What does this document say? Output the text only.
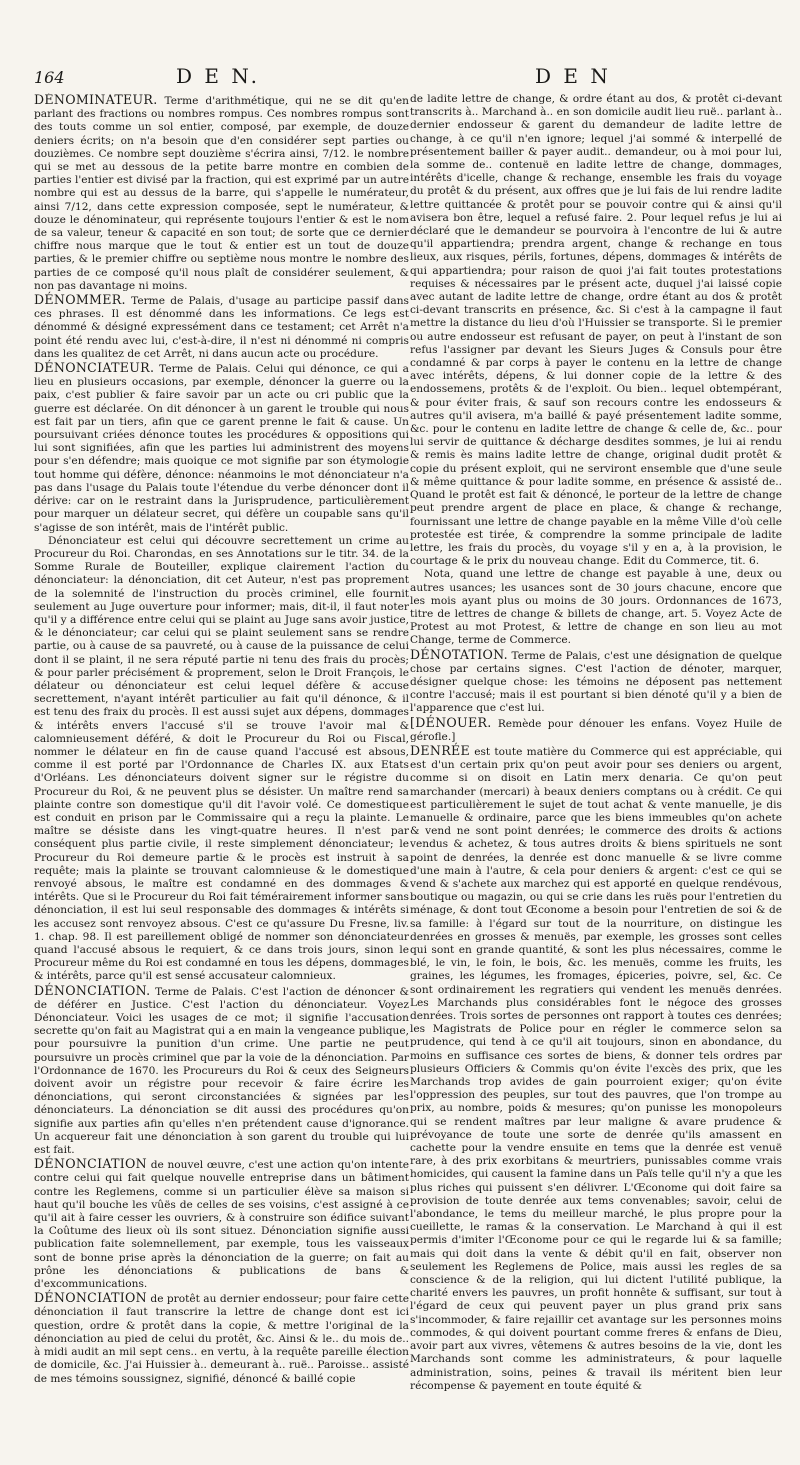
164	D E N.	D E N

DÉNOMINATEUR. Terme d'arithmétique, qui ne se dit qu'en parlant des fractions ou nombres rompus. Ces nombres rompus sont des touts comme un sol entier, composé, par exemple, de douze deniers écrits; on n'a besoin que d'en considérer sept parties ou douzièmes. Ce nombre sept douzième s'écrira ainsi, 7/12. le nombre qui se met au dessous de la petite barre montre en combien de parties l'entier est divisé par la fraction, qui est exprimé par un autre nombre qui est au dessus de la barre, qui s'appelle le numérateur, ainsi 7/12, dans cette expression composée, sept le numérateur, & douze le dénominateur, qui représente toujours l'entier & est le nom de sa valeur, teneur & capacité en son tout; de sorte que ce dernier chiffre nous marque que le tout & entier est un tout de douze parties, & le premier chiffre ou septième nous montre le nombre des parties de ce composé qu'il nous plaît de considérer seulement, & non pas davantage ni moins.

DÉNOMMER. Terme de Palais, d'usage au participe passif dans ces phrases. Il est dénommé dans les informations. Ce legs est dénommé & désigné expressément dans ce testament; cet Arrêt n'a point été rendu avec lui, c'est-à-dire, il n'est ni dénommé ni compris dans les qualitez de cet Arrêt, ni dans aucun acte ou procédure.

DÉNONCIATEUR. Terme de Palais. Celui qui dénonce, ce qui a lieu en plusieurs occasions, par exemple, dénoncer la guerre ou la paix, c'est publier & faire savoir par un acte ou cri public que la guerre est déclarée. On dit dénoncer à un garent le trouble qui nous est fait par un tiers, afin que ce garent prenne le fait & cause. Un poursuivant criées dénonce toutes les procédures & oppositions qui lui sont signifiées, afin que les parties lui administrent des moyens pour s'en défendre; mais quoique ce mot signifie par son étymologie tout homme qui défère, dénonce: néanmoins le mot dénonciateur n'a pas dans l'usage du Palais toute l'étendue du verbe dénoncer dont il dérive: car on le restraint dans la Jurisprudence, particulièrement pour marquer un délateur secret, qui défère un coupable sans qu'il s'agisse de son intérêt, mais de l'intérêt public.

Dénonciateur est celui qui découvre secrettement un crime au Procureur du Roi. Charondas, en ses Annotations sur le titr. 34. de la Somme Rurale de Bouteiller, explique clairement l'action du dénonciateur: la dénonciation, dit cet Auteur, n'est pas proprement de la solemnité de l'instruction du procès criminel, elle fournit seulement au Juge ouverture pour informer; mais, dit-il, il faut noter qu'il y a différence entre celui qui se plaint au Juge sans avoir justice, & le dénonciateur; car celui qui se plaint seulement sans se rendre partie, ou à cause de sa pauvreté, ou à cause de la puissance de celui dont il se plaint, il ne sera réputé partie ni tenu des frais du procès; & pour parler précisément & proprement, selon le Droit François, le délateur ou dénonciateur est celui lequel défère & accuse secrettement, n'ayant intérêt particulier au fait qu'il dénonce, & il est tenu des fraix du procès. Il est aussi sujet aux dépens, dommages & intérêts envers l'accusé s'il se trouve l'avoir mal & calomnieusement déféré, & doit le Procureur du Roi ou Fiscal, nommer le délateur en fin de cause quand l'accusé est absous, comme il est porté par l'Ordonnance de Charles IX. aux Etats d'Orléans. Les dénonciateurs doivent signer sur le régistre du Procureur du Roi, & ne peuvent plus se désister. Un maître rend sa plainte contre son domestique qu'il dit l'avoir volé. Ce domestique est conduit en prison par le Commissaire qui a reçu la plainte. Le maître se désiste dans les vingt-quatre heures. Il n'est par conséquent plus partie civile, il reste simplement dénonciateur; le Procureur du Roi demeure partie & le procès est instruit à sa requête; mais la plainte se trouvant calomnieuse & le domestique renvoyé absous, le maître est condamné en des dommages & intérêts. Que si le Procureur du Roi fait témérairement informer sans dénonciation, il est lui seul responsable des dommages & intérêts si les accusez sont renvoyez absous. C'est ce qu'assure Du Fresne, liv. 1. chap. 98. Il est pareillement obligé de nommer son dénonciateur quand l'accusé absous le requiert, & ce dans trois jours, sinon le Procureur même du Roi est condamné en tous les dépens, dommages & intérêts, parce qu'il est sensé accusateur calomnieux.

DÉNONCIATION. Terme de Palais. C'est l'action de dénoncer & de déférer en Justice. C'est l'action du dénonciateur. Voyez Dénonciateur. Voici les usages de ce mot; il signifie l'accusation secrette qu'on fait au Magistrat qui a en main la vengeance publique, pour poursuivre la punition d'un crime. Une partie ne peut poursuivre un procès criminel que par la voie de la dénonciation. Par l'Ordonnance de 1670. les Procureurs du Roi & ceux des Seigneurs doivent avoir un régistre pour recevoir & faire écrire les dénonciations, qui seront circonstanciées & signées par les dénonciateurs. La dénonciation se dit aussi des procédures qu'on signifie aux parties afin qu'elles n'en prétendent cause d'ignorance. Un acquereur fait une dénonciation à son garent du trouble qui lui est fait.

DÉNONCIATION de nouvel œuvre, c'est une action qu'on intente contre celui qui fait quelque nouvelle entreprise dans un bâtiment contre les Reglemens, comme si un particulier élève sa maison si haut qu'il bouche les vûës de celles de ses voisins, c'est assigné à ce qu'il ait à faire cesser les ouvriers, & à construire son édifice suivant la Coûtume des lieux où ils sont situez. Dénonciation signifie aussi publication faite solemnellement, par exemple, tous les vaisseaux sont de bonne prise après la dénonciation de la guerre; on fait au prône les dénonciations & publications de bans & d'excommunications.

DÉNONCIATION de protêt au dernier endosseur; pour faire cette dénonciation il faut transcrire la lettre de change dont est ici question, ordre & protêt dans la copie, & mettre l'original de la dénonciation au pied de celui du protêt, &c. Ainsi & le.. du mois de.. à midi audit an mil sept cens.. en vertu, à la requête pareille élection de domicile, &c. J'ai Huissier à.. demeurant à.. ruë.. Paroisse.. assisté de mes témoins soussignez, signifié, dénoncé & baillé copie

de ladite lettre de change, & ordre étant au dos, & protêt ci-devant transcrits à.. Marchand à.. en son domicile audit lieu ruë.. parlant à.. dernier endosseur & garent du demandeur de ladite lettre de change, à ce qu'il n'en ignore; lequel j'ai sommé & interpellé de présentement bailler & payer audit.. demandeur, ou à moi pour lui, la somme de.. contenuë en ladite lettre de change, dommages, intérêts d'icelle, change & rechange, ensemble les frais du voyage du protêt & du présent, aux offres que je lui fais de lui rendre ladite lettre quittancée & protêt pour se pouvoir contre qui & ainsi qu'il avisera bon être, lequel a refusé faire. 2. Pour lequel refus je lui ai déclaré que le demandeur se pourvoira à l'encontre de lui & autre qu'il appartiendra; prendra argent, change & rechange en tous lieux, aux risques, périls, fortunes, dépens, dommages & intérêts de qui appartiendra; pour raison de quoi j'ai fait toutes protestations requises & nécessaires par le présent acte, duquel j'ai laissé copie avec autant de ladite lettre de change, ordre étant au dos & protêt ci-devant transcrits en présence, &c. Si c'est à la campagne il faut mettre la distance du lieu d'où l'Huissier se transporte. Si le premier ou autre endosseur est refusant de payer, on peut à l'instant de son refus l'assigner par devant les Sieurs Juges & Consuls pour être condamné & par corps à payer le contenu en la lettre de change avec intérêts, dépens, & lui donner copie de la lettre & des endossemens, protêts & de l'exploit. Ou bien.. lequel obtempérant, & pour éviter frais, & sauf son recours contre les endosseurs & autres qu'il avisera, m'a baillé & payé présentement ladite somme, &c. pour le contenu en ladite lettre de change & celle de, &c.. pour lui servir de quittance & décharge desdites sommes, je lui ai rendu & remis ès mains ladite lettre de change, original dudit protêt & copie du présent exploit, qui ne serviront ensemble que d'une seule & même quittance & pour ladite somme, en présence & assisté de.. Quand le protêt est fait & dénoncé, le porteur de la lettre de change peut prendre argent de place en place, & change & rechange, fournissant une lettre de change payable en la même Ville d'où celle protestée est tirée, & comprendre la somme principale de ladite lettre, les frais du procès, du voyage s'il y en a, à la provision, le courtage & le prix du nouveau change. Edit du Commerce, tit. 6.

Nota, quand une lettre de change est payable à une, deux ou autres usances; les usances sont de 30 jours chacune, encore que les mois ayant plus ou moins de 30 jours. Ordonnances de 1673, titre de lettres de change & billets de change, art. 5. Voyez Acte de Protest au mot Protest, & lettre de change en son lieu au mot Change, terme de Commerce.

DÉNOTATION. Terme de Palais, c'est une désignation de quelque chose par certains signes. C'est l'action de dénoter, marquer, désigner quelque chose: les témoins ne déposent pas nettement contre l'accusé; mais il est pourtant si bien dénoté qu'il y a bien de l'apparence que c'est lui.

[DÉNOUER. Remède pour dénouer les enfans. Voyez Huile de gérofle.]

DENRÉE est toute matière du Commerce qui est appréciable, qui est d'un certain prix qu'on peut avoir pour ses deniers ou argent, comme si on disoit en Latin merx denaria. Ce qu'on peut marchander (mercari) à beaux deniers comptans ou à crédit. Ce qui est particulièrement le sujet de tout achat & vente manuelle, je dis manuelle & ordinaire, parce que les biens immeubles qu'on achete & vend ne sont point denrées; le commerce des droits & actions vendus & achetez, & tous autres droits & biens spirituels ne sont point de denrées, la denrée est donc manuelle & se livre comme d'une main à l'autre, & cela pour deniers & argent: c'est ce qui se vend & s'achete aux marchez qui est apporté en quelque rendévous, boutique ou magazin, ou qui se crie dans les ruës pour l'entretien du ménage, & dont tout Œconome a besoin pour l'entretien de soi & de sa famille: à l'égard sur tout de la nourriture, on distingue les denrées en grosses & menuës, par exemple, les grosses sont celles qui sont en grande quantité, & sont les plus nécessaires, comme le blé, le vin, le foin, le bois, &c. les menuës, comme les fruits, les graines, les légumes, les fromages, épiceries, poivre, sel, &c. Ce sont ordinairement les regratiers qui vendent les menuës denrées. Les Marchands plus considérables font le négoce des grosses denrées. Trois sortes de personnes ont rapport à toutes ces denrées; les Magistrats de Police pour en régler le commerce selon sa prudence, qui tend à ce qu'il ait toujours, sinon en abondance, du moins en suffisance ces sortes de biens, & donner tels ordres par plusieurs Officiers & Commis qu'on évite l'excès des prix, que les Marchands trop avides de gain pourroient exiger; qu'on évite l'oppression des peuples, sur tout des pauvres, que l'on trompe au prix, au nombre, poids & mesures; qu'on punisse les monopoleurs qui se rendent maîtres par leur maligne & avare prudence & prévoyance de toute une sorte de denrée qu'ils amassent en cachette pour la vendre ensuite en tems que la denrée est venuë rare, à des prix exorbitans & meurtriers, punissables comme vrais homicides, qui causent la famine dans un Païs telle qu'il n'y a que les plus riches qui puissent s'en délivrer. L'Œconome qui doit faire sa provision de toute denrée aux tems convenables; savoir, celui de l'abondance, le tems du meilleur marché, le plus propre pour la cueillette, le ramas & la conservation. Le Marchand à qui il est permis d'imiter l'Œconome pour ce qui le regarde lui & sa famille; mais qui doit dans la vente & débit qu'il en fait, observer non seulement les Reglemens de Police, mais aussi les regles de sa conscience & de la religion, qui lui dictent l'utilité publique, la charité envers les pauvres, un profit honnête & suffisant, sur tout à l'égard de ceux qui peuvent payer un plus grand prix sans s'incommoder, & faire rejaillir cet avantage sur les personnes moins commodes, & qui doivent pourtant comme freres & enfans de Dieu, avoir part aux vivres, vêtemens & autres besoins de la vie, dont les Marchands sont comme les administrateurs, & pour laquelle administration, soins, peines & travail ils méritent bien leur récompense & payement en toute équité &
